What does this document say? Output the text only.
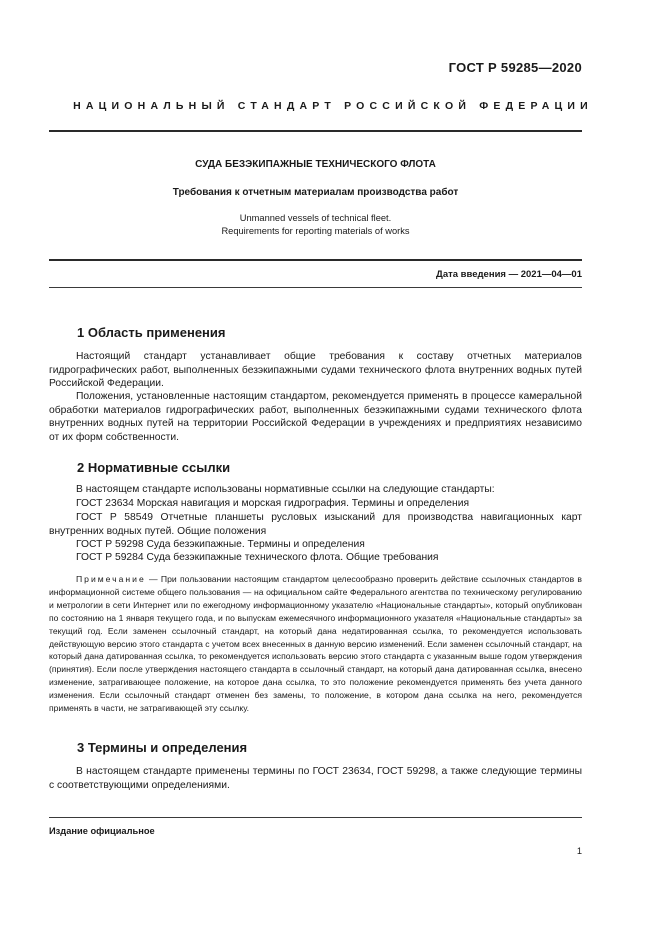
ГОСТ Р 59285—2020
НАЦИОНАЛЬНЫЙ СТАНДАРТ РОССИЙСКОЙ ФЕДЕРАЦИИ
СУДА БЕЗЭКИПАЖНЫЕ ТЕХНИЧЕСКОГО ФЛОТА
Требования к отчетным материалам производства работ
Unmanned vessels of technical fleet.
Requirements for reporting materials of works
Дата введения — 2021—04—01
1 Область применения

Настоящий стандарт устанавливает общие требования к составу отчетных материалов гидрографических работ, выполненных безэкипажными судами технического флота внутренних водных путей Российской Федерации.

Положения, установленные настоящим стандартом, рекомендуется применять в процессе камеральной обработки материалов гидрографических работ, выполненных безэкипажными судами технического флота внутренних водных путей на территории Российской Федерации в учреждениях и предприятиях независимо от их форм собственности.

2 Нормативные ссылки
В настоящем стандарте использованы нормативные ссылки на следующие стандарты:
ГОСТ 23634 Морская навигация и морская гидрография. Термины и определения

ГОСТ Р 58549 Отчетные планшеты русловых изысканий для производства навигационных карт внутренних водных путей. Общие положения

ГОСТ Р 59298 Суда безэкипажные. Термины и определения
ГОСТ Р 59284 Суда безэкипажные технического флота. Общие требования

Примечание — При пользовании настоящим стандартом целесообразно проверить действие ссылочных стандартов в информационной системе общего пользования — на официальном сайте Федерального агентства по техническому регулированию и метрологии в сети Интернет или по ежегодному информационному указателю «Национальные стандарты», который опубликован по состоянию на 1 января текущего года, и по выпускам ежемесячного информационного указателя «Национальные стандарты» за текущий год. Если заменен ссылочный стандарт, на который дана недатированная ссылка, то рекомендуется использовать действующую версию этого стандарта с учетом всех внесенных в данную версию изменений. Если заменен ссылочный стандарт, на который дана датированная ссылка, то рекомендуется использовать версию этого стандарта с указанным выше годом утверждения (принятия). Если после утверждения настоящего стандарта в ссылочный стандарт, на который дана датированная ссылка, внесено изменение, затрагивающее положение, на которое дана ссылка, то это положение рекомендуется применять без учета данного изменения. Если ссылочный стандарт отменен без замены, то положение, в котором дана ссылка на него, рекомендуется применять в части, не затрагивающей эту ссылку.

3 Термины и определения

В настоящем стандарте применены термины по ГОСТ 23634, ГОСТ 59298, а также следующие термины с соответствующими определениями.

Издание официальное
1
